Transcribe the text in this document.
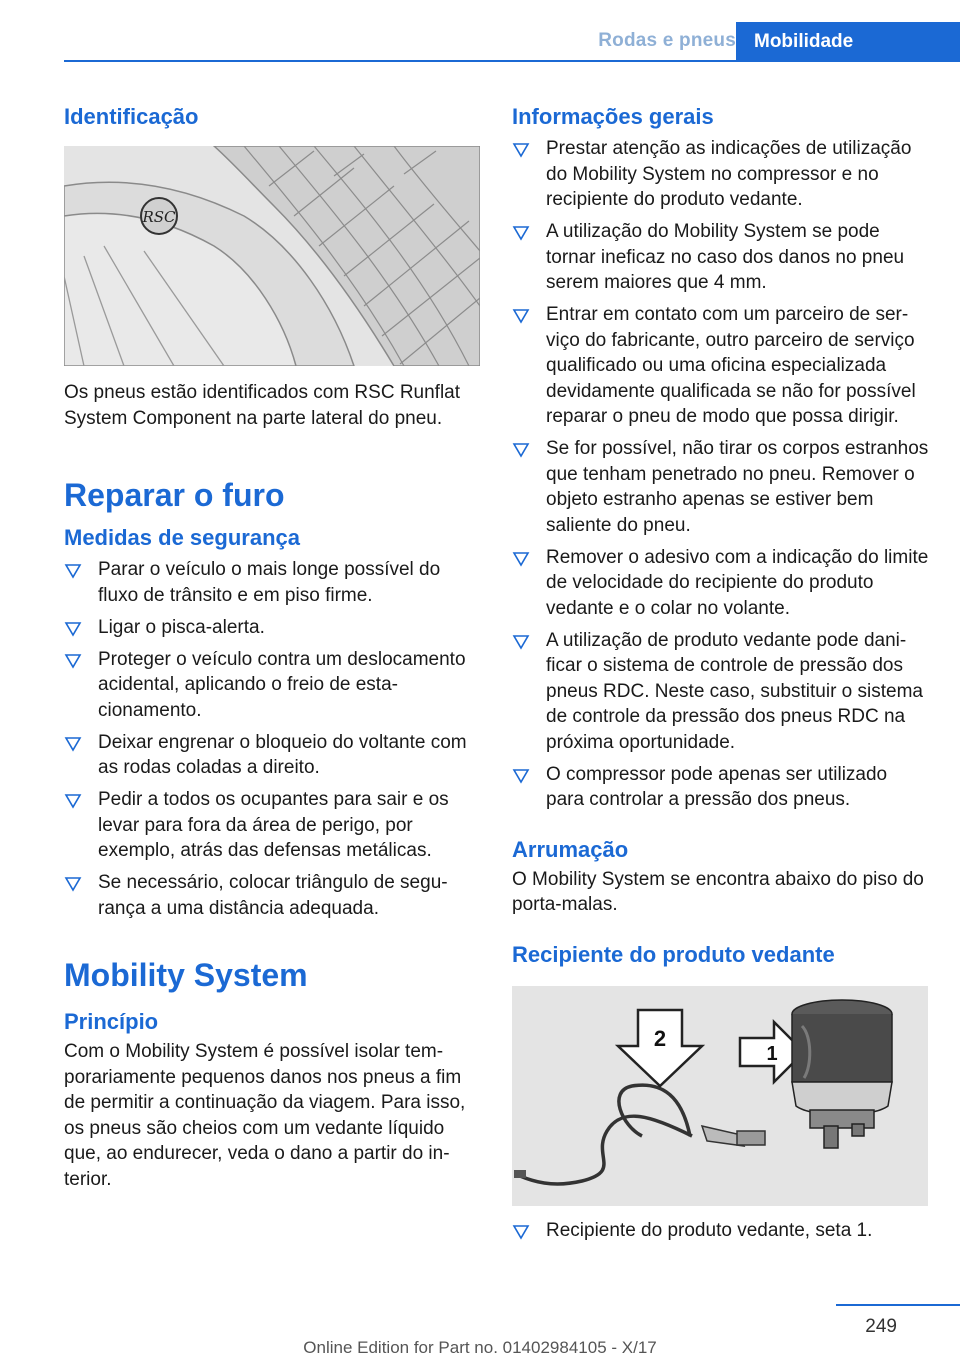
Rodas e pneus Mobilidade
Identificação
RSC
Os pneus estão identificados com RSC Runflat System Component na parte lateral do pneu.
Reparar o furo
Medidas de segurança
Parar o veículo o mais longe possível do fluxo de trânsito e em piso firme.
Ligar o pisca-alerta.
Proteger o veículo contra um deslocamento acidental, aplicando o freio de estacionamento.
Deixar engrenar o bloqueio do voltante com as rodas coladas a direito.
Pedir a todos os ocupantes para sair e os levar para fora da área de perigo, por exemplo, atrás das defensas metálicas.
Se necessário, colocar triângulo de segurança a uma distância adequada.
Mobility System
Princípio
Com o Mobility System é possível isolar temporariamente pequenos danos nos pneus a fim de permitir a continuação da viagem. Para isso, os pneus são cheios com um vedante líquido que, ao endurecer, veda o dano a partir do interior.
Informações gerais
Prestar atenção as indicações de utilização do Mobility System no compressor e no recipiente do produto vedante.
A utilização do Mobility System se pode tornar ineficaz no caso dos danos no pneu serem maiores que 4 mm.
Entrar em contato com um parceiro de serviço do fabricante, outro parceiro de serviço qualificado ou uma oficina especializada devidamente qualificada se não for possível reparar o pneu de modo que possa dirigir.
Se for possível, não tirar os corpos estranhos que tenham penetrado no pneu. Remover o objeto estranho apenas se estiver bem saliente do pneu.
Remover o adesivo com a indicação do limite de velocidade do recipiente do produto vedante e o colar no volante.
A utilização de produto vedante pode danificar o sistema de controle de pressão dos pneus RDC. Neste caso, substituir o sistema de controle da pressão dos pneus RDC na próxima oportunidade.
O compressor pode apenas ser utilizado para controlar a pressão dos pneus.
Arrumação
O Mobility System se encontra abaixo do piso do porta-malas.
Recipiente do produto vedante
2
1
Recipiente do produto vedante, seta 1.
249
Online Edition for Part no. 01402984105 - X/17
